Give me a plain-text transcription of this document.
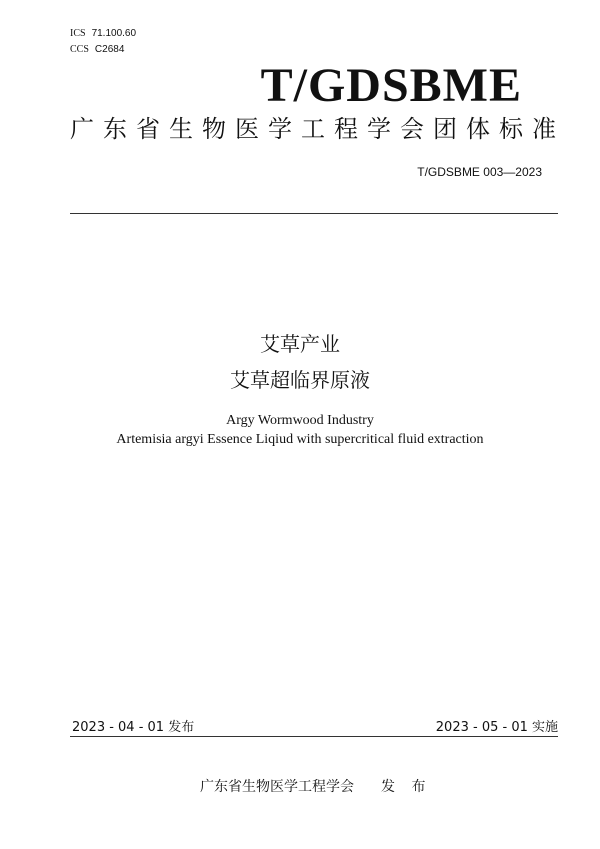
ICS 71.100.60
CCS C2684
T/GDSBME
广东省生物医学工程学会团体标准
T/GDSBME 003—2023
艾草产业
艾草超临界原液
Argy Wormwood Industry
Artemisia argyi Essence Liqiud with supercritical fluid extraction
2023 - 04 - 01 发布	2023 - 05 - 01 实施
广东省生物医学工程学会 发 布
